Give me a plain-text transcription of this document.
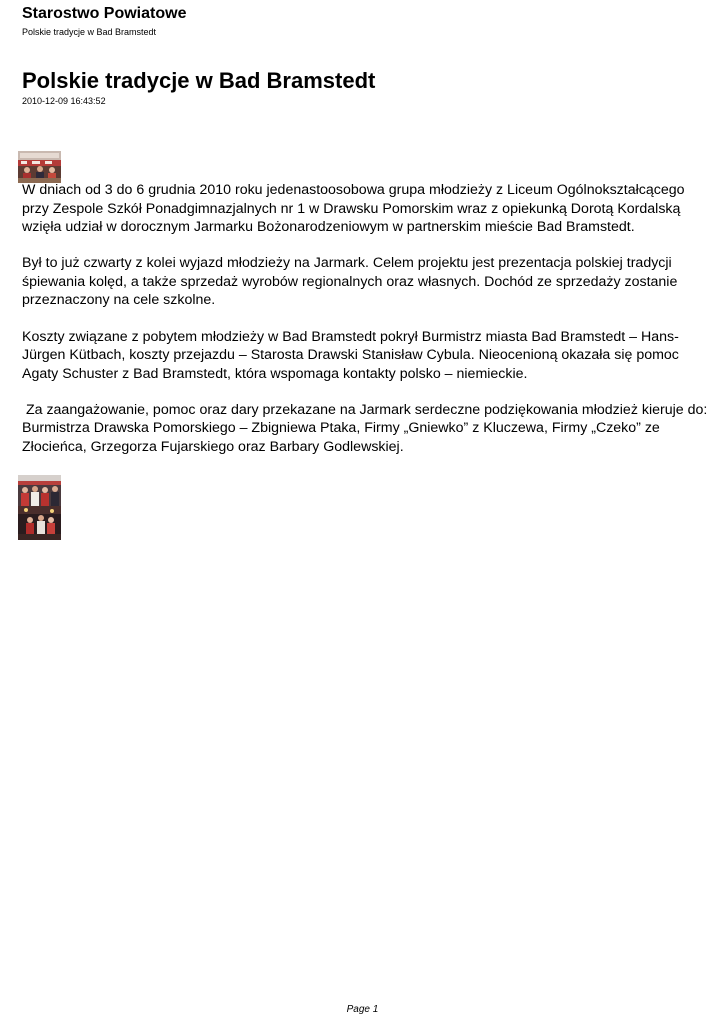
Starostwo Powiatowe
Polskie tradycje w Bad Bramstedt
Polskie tradycje w Bad Bramstedt
2010-12-09 16:43:52

W dniach od 3 do 6 grudnia 2010 roku jedenastoosobowa grupa młodzieży z Liceum Ogólnokształcącego przy Zespole Szkół Ponadgimnazjalnych nr 1 w Drawsku Pomorskim wraz z opiekunką Dorotą Kordalską wzięła udział w dorocznym Jarmarku Bożonarodzeniowym w partnerskim mieście Bad Bramstedt.

Był to już czwarty z kolei wyjazd młodzieży na Jarmark. Celem projektu jest prezentacja polskiej tradycji śpiewania kolęd, a także sprzedaż wyrobów regionalnych oraz własnych. Dochód ze sprzedaży zostanie przeznaczony na cele szkolne.

Koszty związane z pobytem młodzieży w Bad Bramstedt pokrył Burmistrz miasta Bad Bramstedt – Hans-Jürgen Kütbach, koszty przejazdu – Starosta Drawski Stanisław Cybula. Nieocenioną okazała się pomoc Agaty Schuster z Bad Bramstedt, która wspomaga kontakty polsko – niemieckie.

Za zaangażowanie, pomoc oraz dary przekazane na Jarmark serdeczne podziękowania młodzież kieruje do: Burmistrza Drawska Pomorskiego – Zbigniewa Ptaka, Firmy „Gniewko” z Kluczewa, Firmy „Czeko” ze Złocieńca, Grzegorza Fujarskiego oraz Barbary Godlewskiej.

Page 1
